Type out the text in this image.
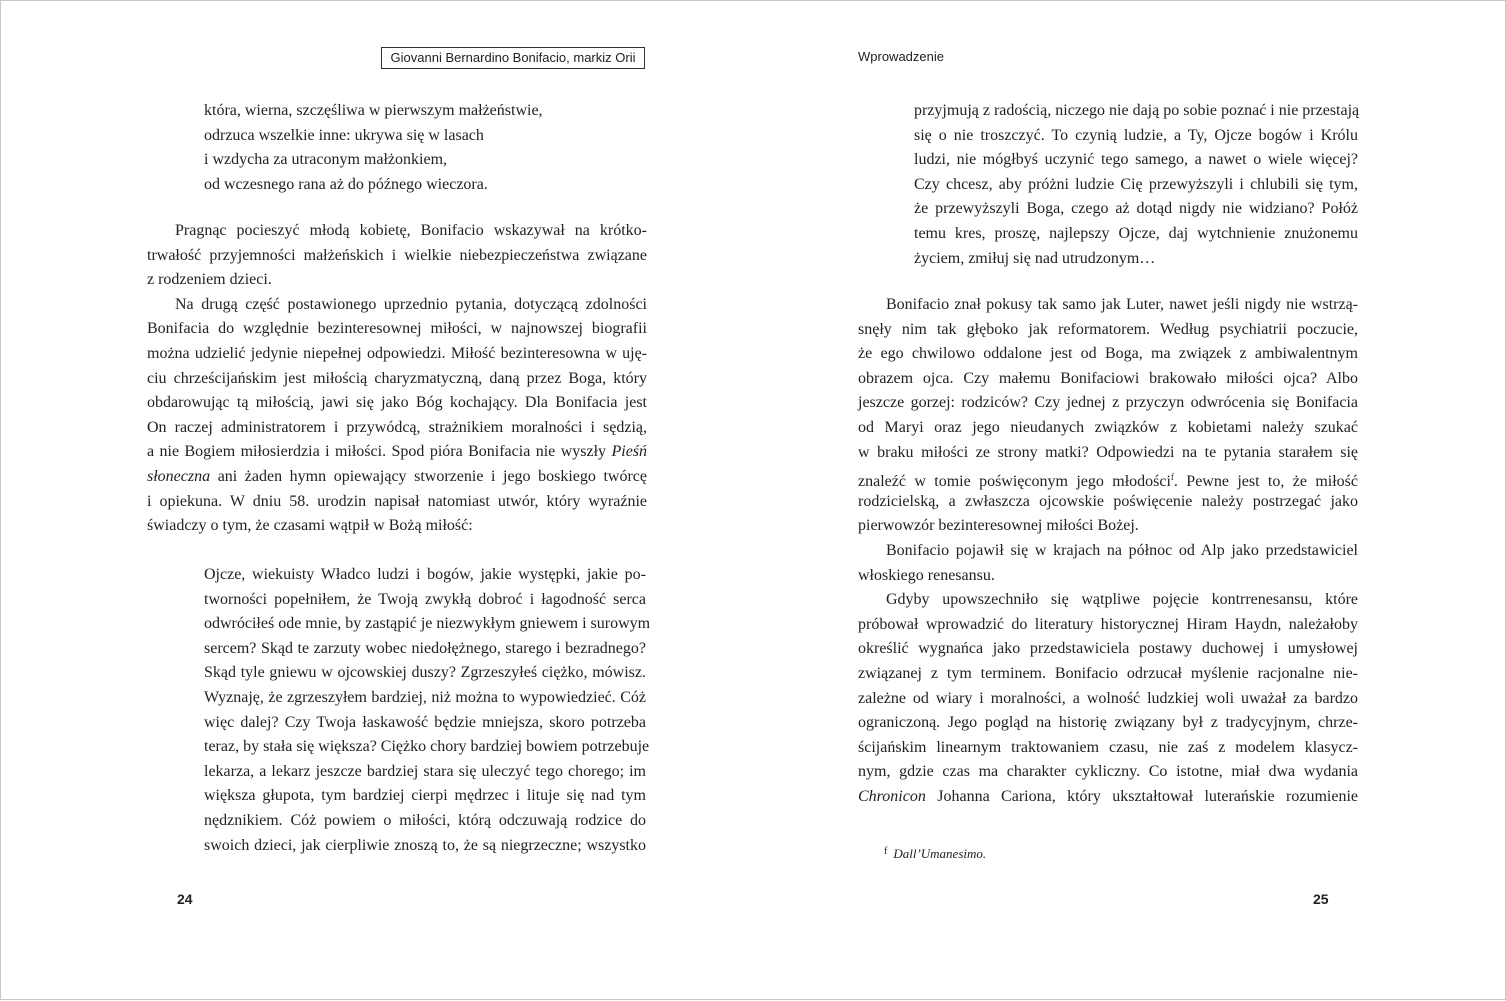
Giovanni Bernardino Bonifacio, markiz Orii
która, wierna, szczęśliwa w pierwszym małżeństwie,
odrzuca wszelkie inne: ukrywa się w lasach
i wzdycha za utraconym małżonkiem,
od wczesnego rana aż do późnego wieczora.
Pragnąc pocieszyć młodą kobietę, Bonifacio wskazywał na krótko-
trwałość przyjemności małżeńskich i wielkie niebezpieczeństwa związane
z rodzeniem dzieci.
Na drugą część postawionego uprzednio pytania, dotyczącą zdolności
Bonifacia do względnie bezinteresownej miłości, w najnowszej biografii
można udzielić jedynie niepełnej odpowiedzi. Miłość bezinteresowna w uję-
ciu chrześcijańskim jest miłością charyzmatyczną, daną przez Boga, który
obdarowując tą miłością, jawi się jako Bóg kochający. Dla Bonifacia jest
On raczej administratorem i przywódcą, strażnikiem moralności i sędzią,
a nie Bogiem miłosierdzia i miłości. Spod pióra Bonifacia nie wyszły Pieśń
słoneczna ani żaden hymn opiewający stworzenie i jego boskiego twórcę
i opiekuna. W dniu 58. urodzin napisał natomiast utwór, który wyraźnie
świadczy o tym, że czasami wątpił w Bożą miłość:
Ojcze, wiekuisty Władco ludzi i bogów, jakie występki, jakie po-
tworności popełniłem, że Twoją zwykłą dobroć i łagodność serca
odwróciłeś ode mnie, by zastąpić je niezwykłym gniewem i surowym
sercem? Skąd te zarzuty wobec niedołężnego, starego i bezradnego?
Skąd tyle gniewu w ojcowskiej duszy? Zgrzeszyłeś ciężko, mówisz.
Wyznaję, że zgrzeszyłem bardziej, niż można to wypowiedzieć. Cóż
więc dalej? Czy Twoja łaskawość będzie mniejsza, skoro potrzeba
teraz, by stała się większa? Ciężko chory bardziej bowiem potrzebuje
lekarza, a lekarz jeszcze bardziej stara się uleczyć tego chorego; im
większa głupota, tym bardziej cierpi mędrzec i lituje się nad tym
nędznikiem. Cóż powiem o miłości, którą odczuwają rodzice do
swoich dzieci, jak cierpliwie znoszą to, że są niegrzeczne; wszystko
24
Wprowadzenie
przyjmują z radością, niczego nie dają po sobie poznać i nie przestają
się o nie troszczyć. To czynią ludzie, a Ty, Ojcze bogów i Królu
ludzi, nie mógłbyś uczynić tego samego, a nawet o wiele więcej?
Czy chcesz, aby próżni ludzie Cię przewyższyli i chlubili się tym,
że przewyższyli Boga, czego aż dotąd nigdy nie widziano? Połóż
temu kres, proszę, najlepszy Ojcze, daj wytchnienie znużonemu
życiem, zmiłuj się nad utrudzonym…
Bonifacio znał pokusy tak samo jak Luter, nawet jeśli nigdy nie wstrzą-
snęły nim tak głęboko jak reformatorem. Według psychiatrii poczucie,
że ego chwilowo oddalone jest od Boga, ma związek z ambiwalentnym
obrazem ojca. Czy małemu Bonifaciowi brakowało miłości ojca? Albo
jeszcze gorzej: rodziców? Czy jednej z przyczyn odwrócenia się Bonifacia
od Maryi oraz jego nieudanych związków z kobietami należy szukać
w braku miłości ze strony matki? Odpowiedzi na te pytania starałem się
znaleźć w tomie poświęconym jego młodości$^f$. Pewne jest to, że miłość
rodzicielską, a zwłaszcza ojcowskie poświęcenie należy postrzegać jako
pierwowzór bezinteresownej miłości Bożej.
Bonifacio pojawił się w krajach na północ od Alp jako przedstawiciel
włoskiego renesansu.
Gdyby upowszechniło się wątpliwe pojęcie kontrrenesansu, które
próbował wprowadzić do literatury historycznej Hiram Haydn, należałoby
określić wygnańca jako przedstawiciela postawy duchowej i umysłowej
związanej z tym terminem. Bonifacio odrzucał myślenie racjonalne nie-
zależne od wiary i moralności, a wolność ludzkiej woli uważał za bardzo
ograniczoną. Jego pogląd na historię związany był z tradycyjnym, chrze-
ścijańskim linearnym traktowaniem czasu, nie zaś z modelem klasycz-
nym, gdzie czas ma charakter cykliczny. Co istotne, miał dwa wydania
Chronicon Johanna Cariona, który ukształtował luterańskie rozumienie
$^f$ Dall’Umanesimo.
25
